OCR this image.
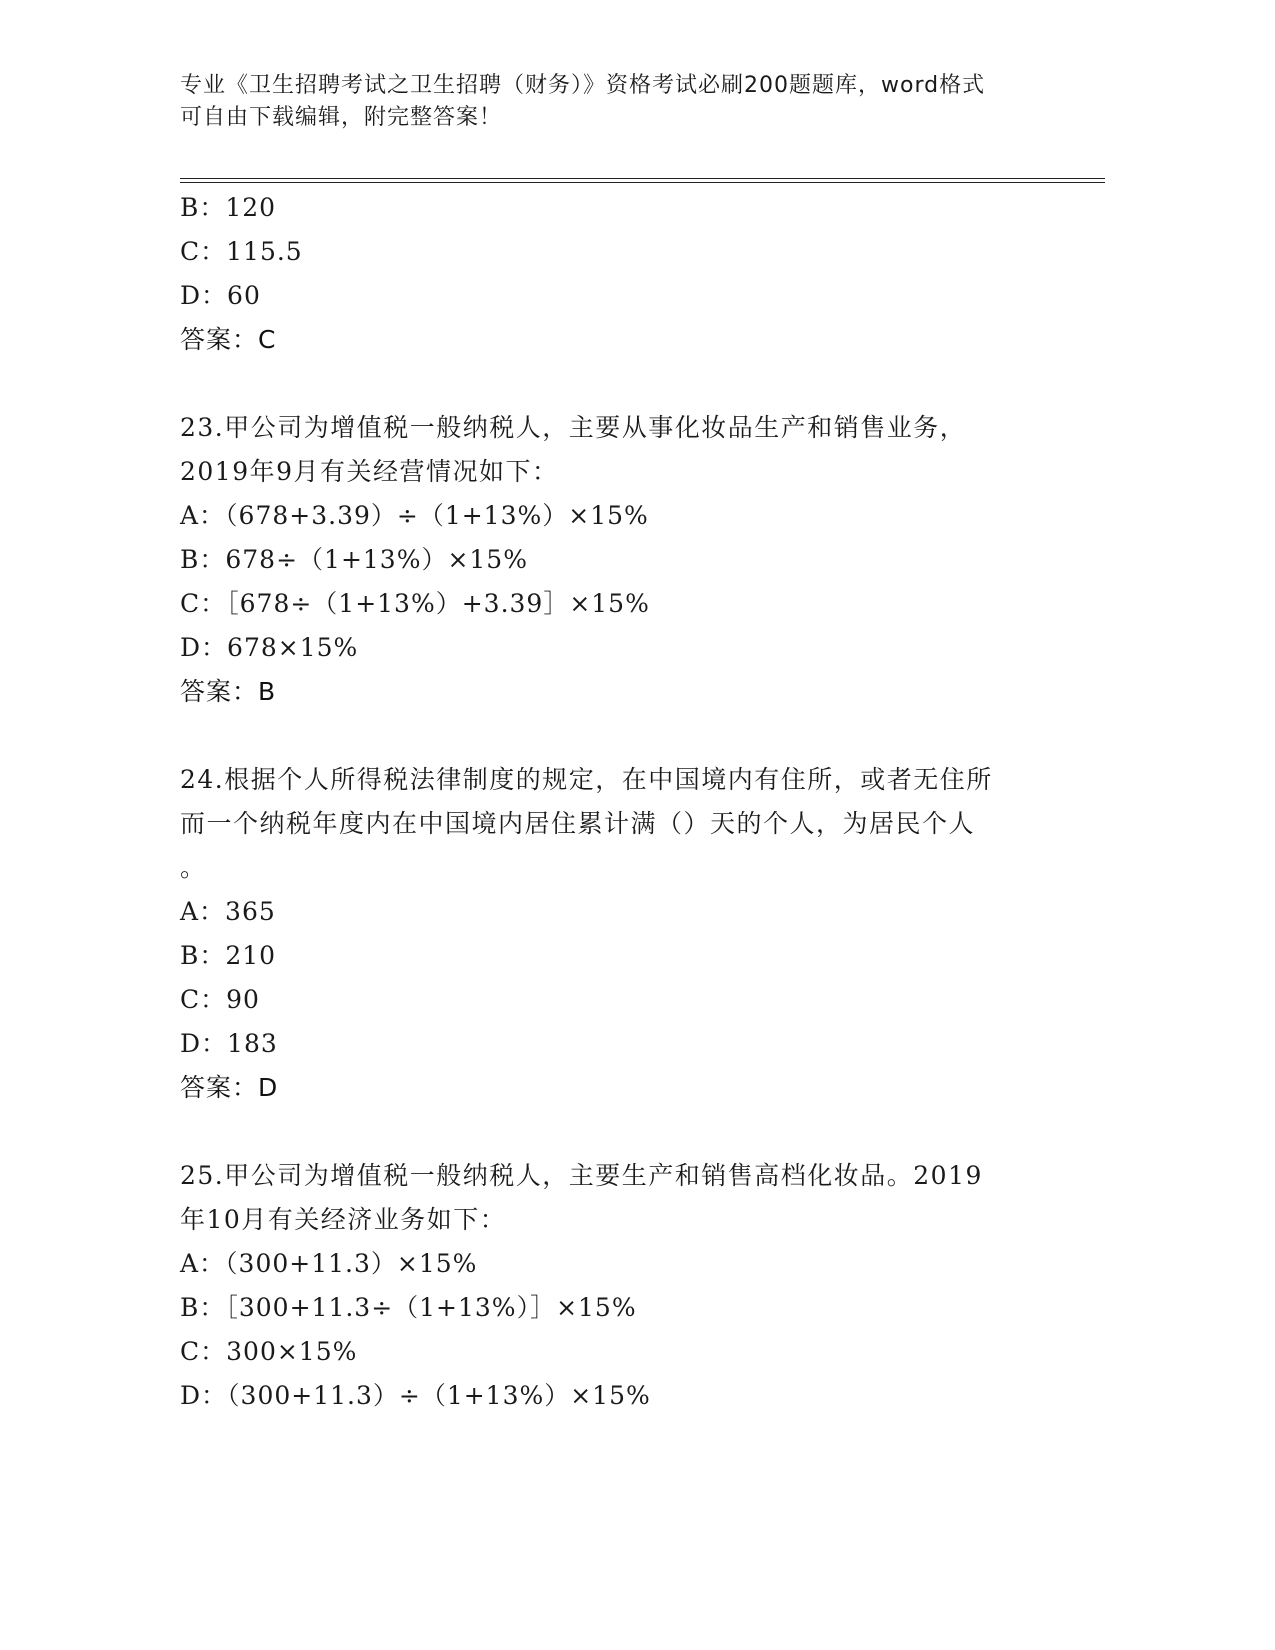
专业《卫生招聘考试之卫生招聘（财务）》资格考试必刷200题题库，word格式
可自由下载编辑，附完整答案！
B：120
C：115.5
D：60
答案：C
23.甲公司为增值税一般纳税人，主要从事化妆品生产和销售业务，
2019年9月有关经营情况如下：
A：（678+3.39）÷（1+13%）×15%
B：678÷（1+13%）×15%
C：［678÷（1+13%）+3.39］×15%
D：678×15%
答案：B
24.根据个人所得税法律制度的规定，在中国境内有住所，或者无住所
而一个纳税年度内在中国境内居住累计满（）天的个人，为居民个人
。
A：365
B：210
C：90
D：183
答案：D
25.甲公司为增值税一般纳税人，主要生产和销售高档化妆品。2019
年10月有关经济业务如下：
A：（300+11.3）×15%
B：［300+11.3÷（1+13%）］×15%
C：300×15%
D：（300+11.3）÷（1+13%）×15%
